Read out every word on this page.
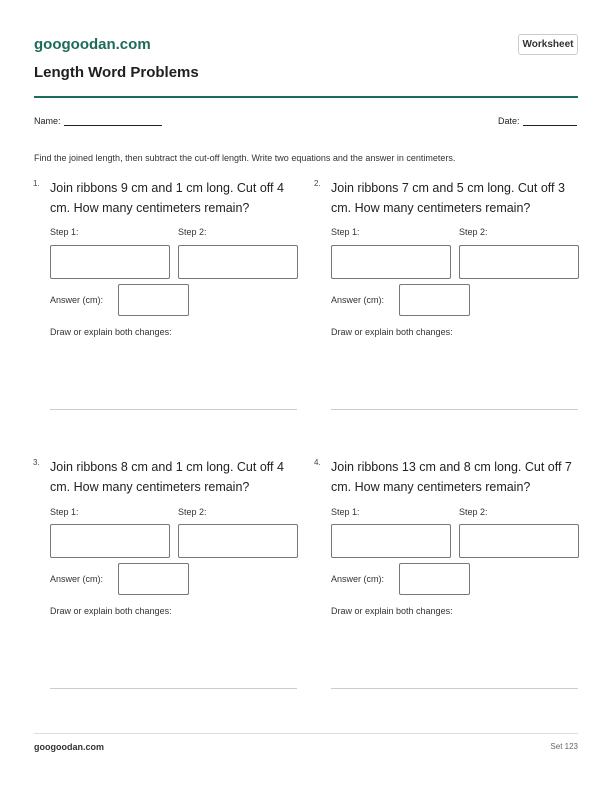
googoodan.com	Worksheet
Length Word Problems
Name:	Date:
Find the joined length, then subtract the cut-off length. Write two equations and the answer in centimeters.
1. Join ribbons 9 cm and 1 cm long. Cut off 4 cm. How many centimeters remain?
Step 1:	Step 2:
Answer (cm):
Draw or explain both changes:
2. Join ribbons 7 cm and 5 cm long. Cut off 3 cm. How many centimeters remain?
Step 1:	Step 2:
Answer (cm):
Draw or explain both changes:
3. Join ribbons 8 cm and 1 cm long. Cut off 4 cm. How many centimeters remain?
Step 1:	Step 2:
Answer (cm):
Draw or explain both changes:
4. Join ribbons 13 cm and 8 cm long. Cut off 7 cm. How many centimeters remain?
Step 1:	Step 2:
Answer (cm):
Draw or explain both changes:
googoodan.com	Set 123
